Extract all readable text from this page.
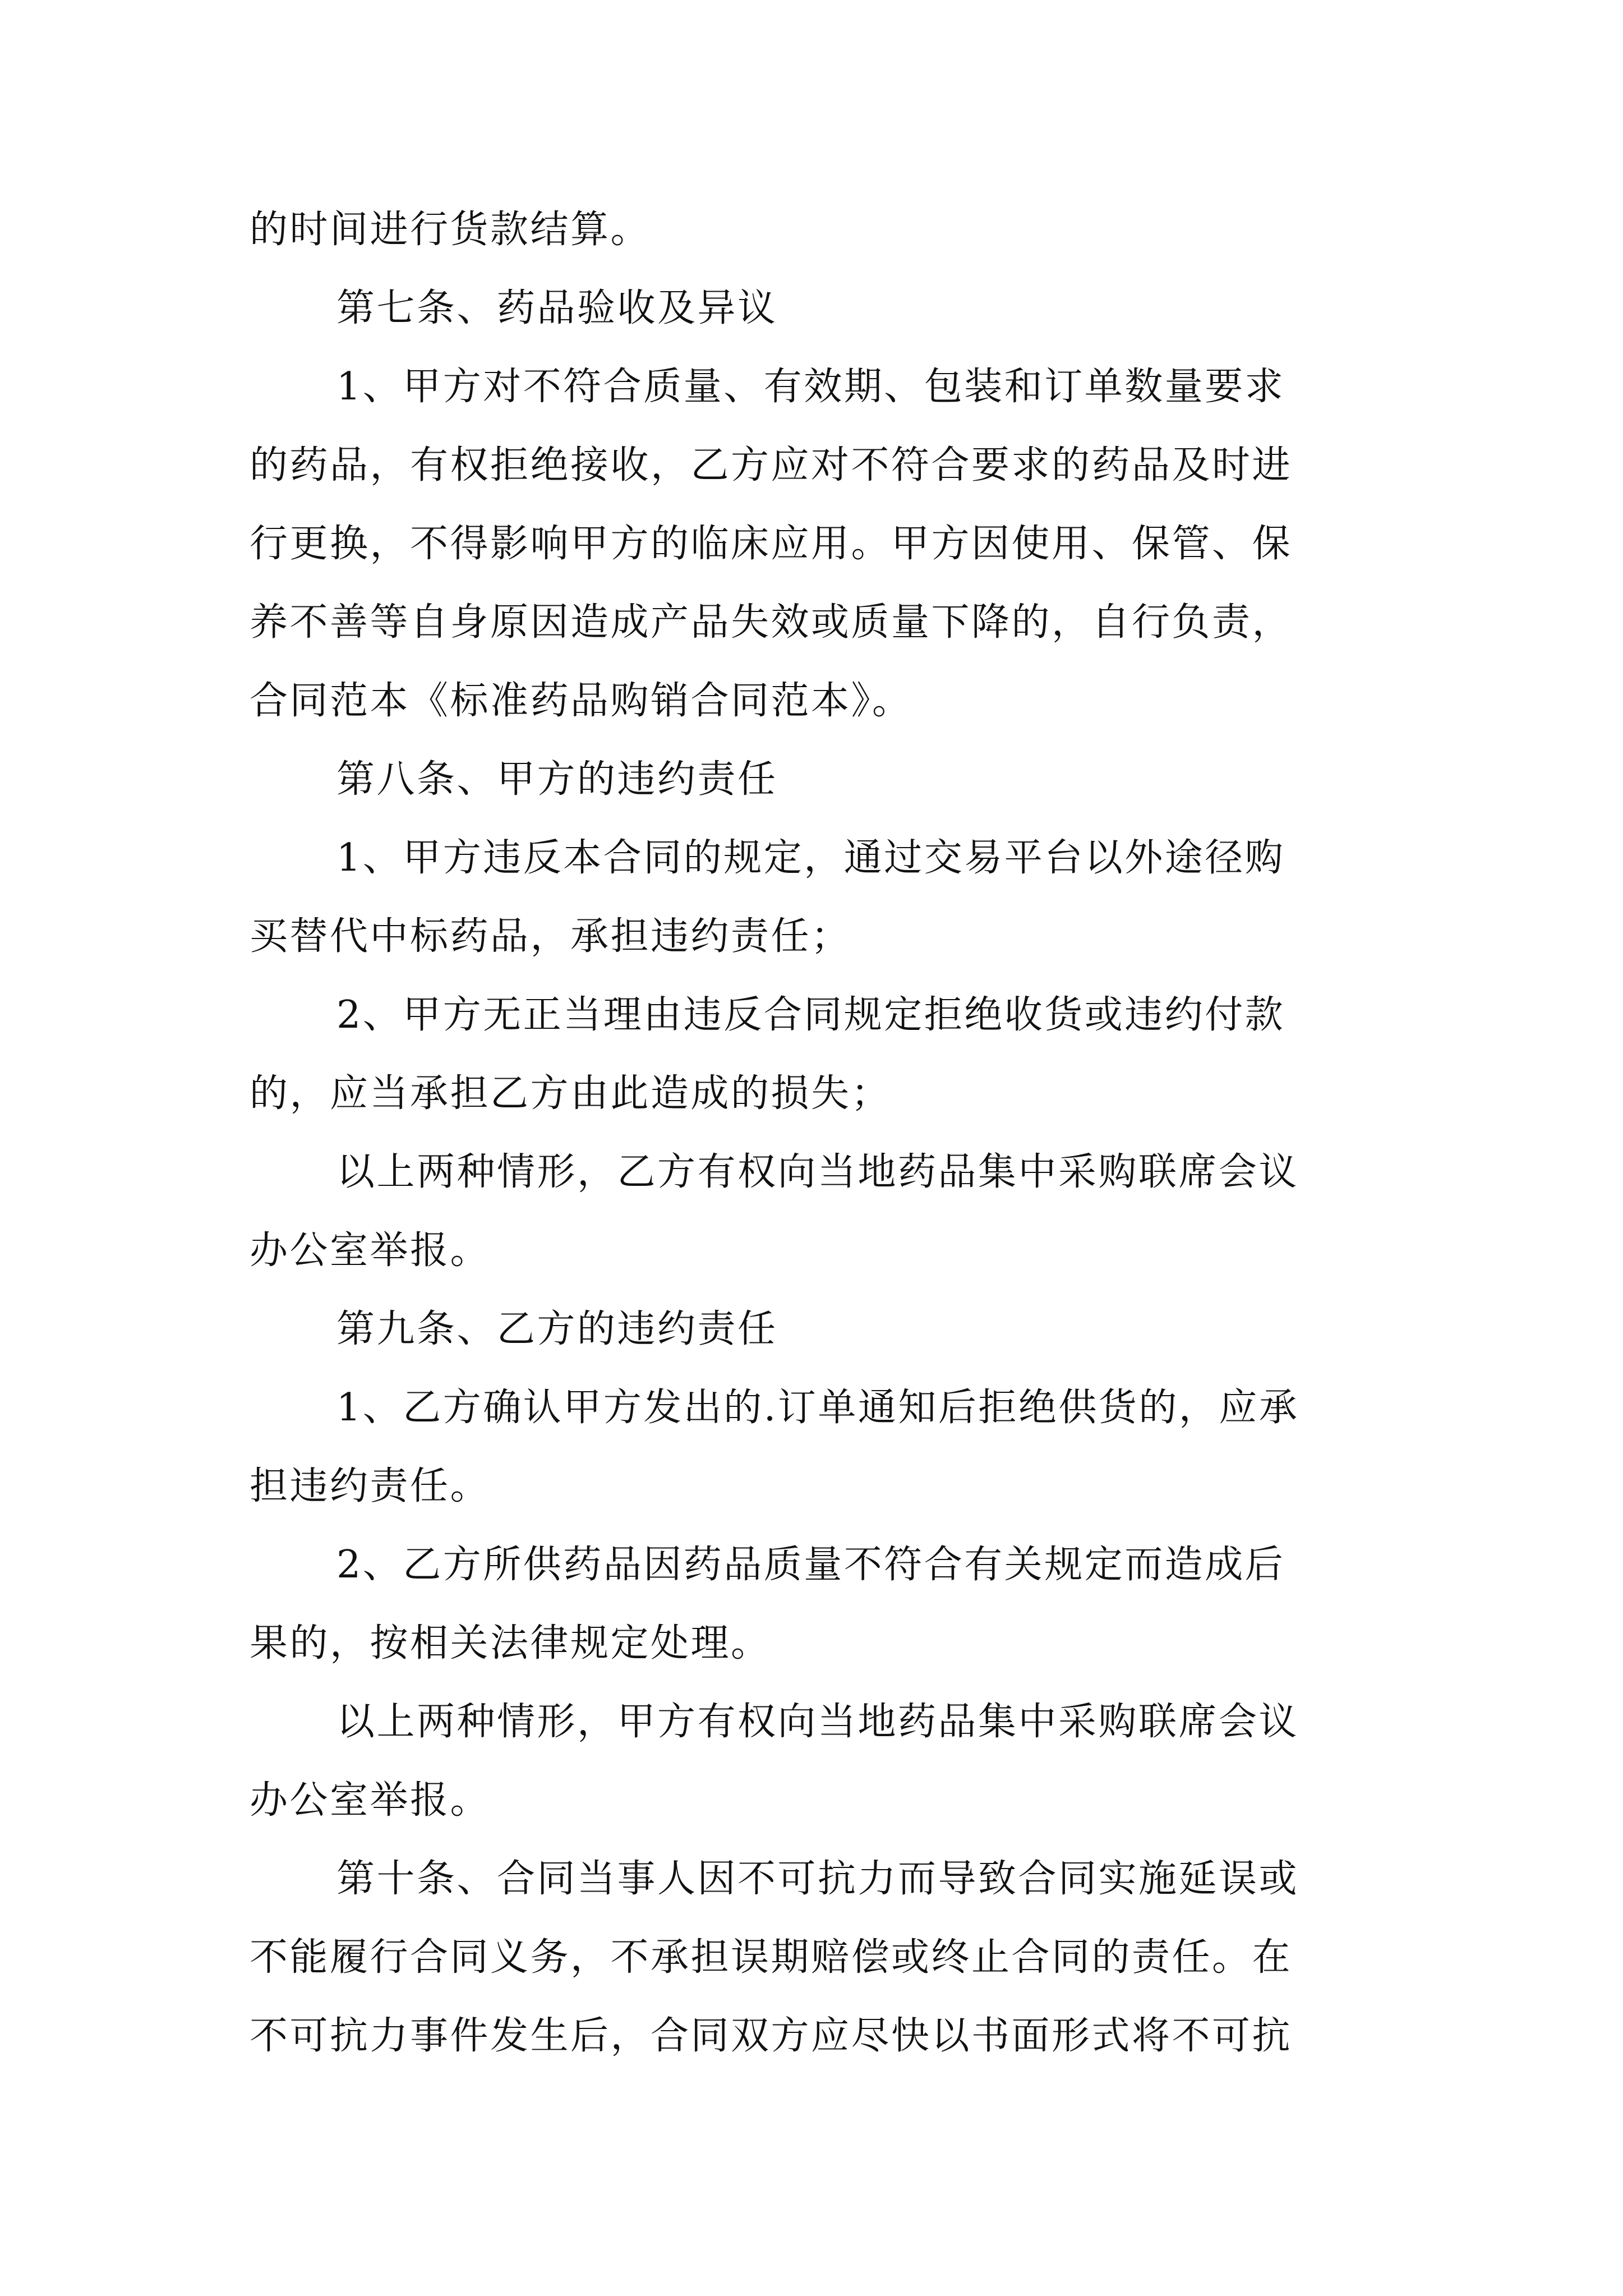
的时间进行货款结算。
第七条、药品验收及异议
1、甲方对不符合质量、有效期、包装和订单数量要求
的药品，有权拒绝接收，乙方应对不符合要求的药品及时进
行更换，不得影响甲方的临床应用。甲方因使用、保管、保
养不善等自身原因造成产品失效或质量下降的，自行负责，
合同范本《标准药品购销合同范本》。
第八条、甲方的违约责任
1、甲方违反本合同的规定，通过交易平台以外途径购
买替代中标药品，承担违约责任；
2、甲方无正当理由违反合同规定拒绝收货或违约付款
的，应当承担乙方由此造成的损失；
以上两种情形，乙方有权向当地药品集中采购联席会议
办公室举报。
第九条、乙方的违约责任
1、乙方确认甲方发出的.订单通知后拒绝供货的，应承
担违约责任。
2、乙方所供药品因药品质量不符合有关规定而造成后
果的，按相关法律规定处理。
以上两种情形，甲方有权向当地药品集中采购联席会议
办公室举报。
第十条、合同当事人因不可抗力而导致合同实施延误或
不能履行合同义务，不承担误期赔偿或终止合同的责任。在
不可抗力事件发生后，合同双方应尽快以书面形式将不可抗
